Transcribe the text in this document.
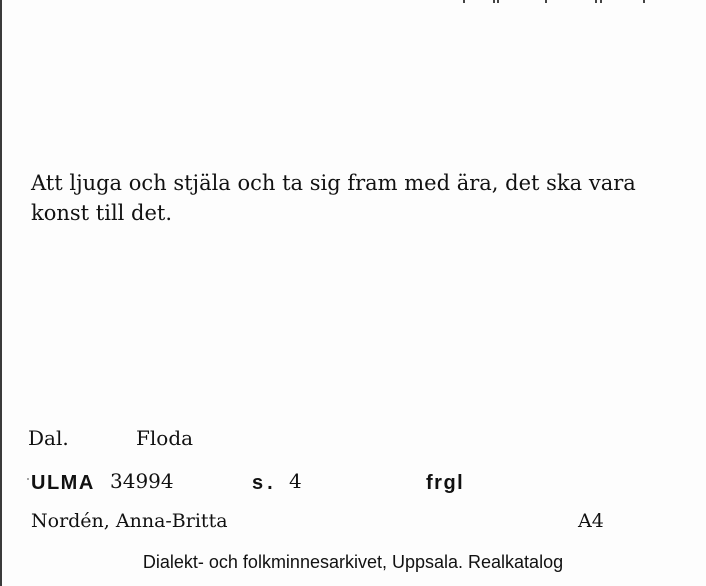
Att ljuga och stjäla och ta sig fram med ära, det ska vara konst till det.
Dal.	Floda
ULMA 34994	s. 4	frgl
Nordén, Anna-Britta	A4
Dialekt- och folkminnesarkivet, Uppsala. Realkatalog
